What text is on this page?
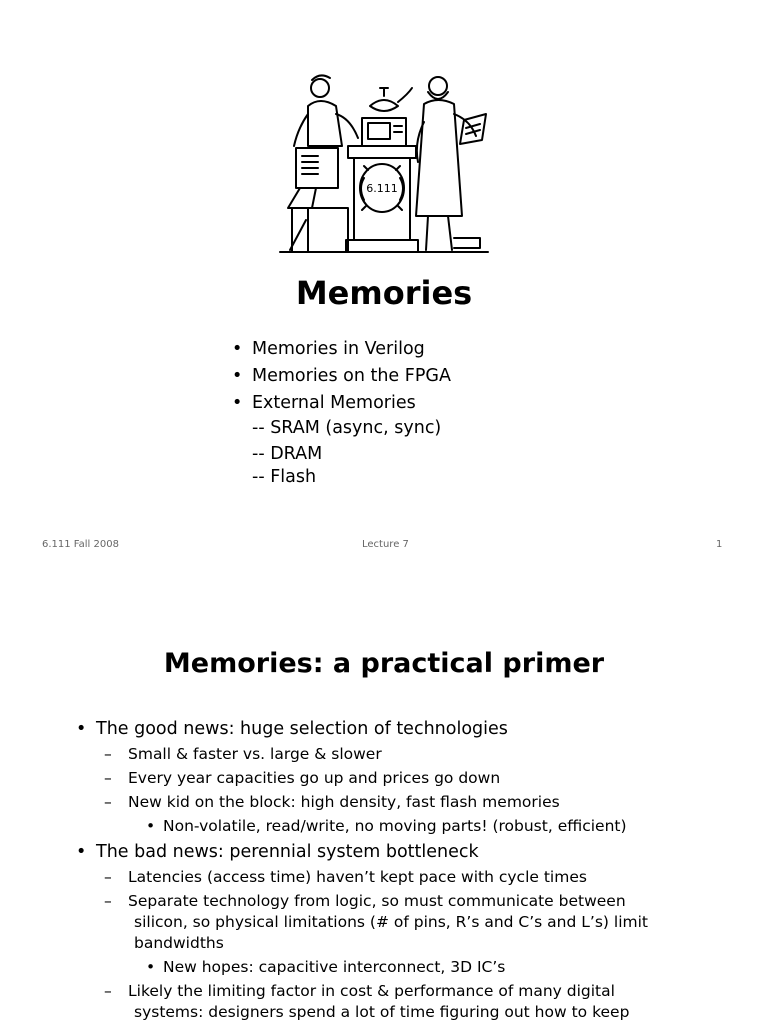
6.111
Memories
• Memories in Verilog
• Memories on the FPGA
• External Memories
-- SRAM (async, sync)
-- DRAM
-- Flash
6.111 Fall 2008	Lecture 7	1
Memories: a practical primer
• The good news: huge selection of technologies
– Small & faster vs. large & slower
– Every year capacities go up and prices go down
– New kid on the block: high density, fast flash memories
• Non-volatile, read/write, no moving parts! (robust, efficient)
• The bad news: perennial system bottleneck
– Latencies (access time) haven’t kept pace with cycle times
– Separate technology from logic, so must communicate between
silicon, so physical limitations (# of pins, R’s and C’s and L’s) limit
bandwidths
• New hopes: capacitive interconnect, 3D IC’s
– Likely the limiting factor in cost & performance of many digital
systems: designers spend a lot of time figuring out how to keep
